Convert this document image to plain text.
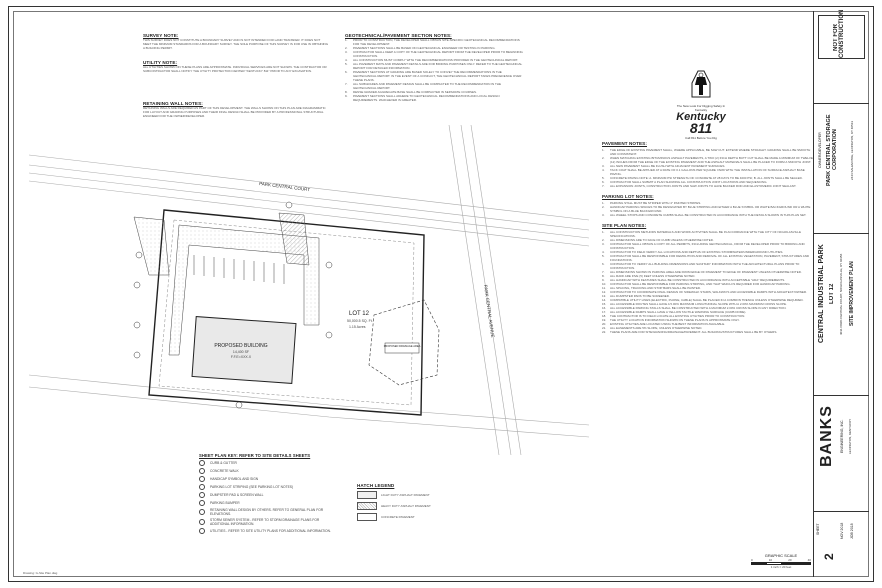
SURVEY NOTE:
THIS SURVEY DOES NOT CONSTITUTE A BOUNDARY SURVEY AND IS NOT INTENDED FOR LAND TRANSFER. IT DOES NOT MEET THE MINIMUM STANDARDS FOR A BOUNDARY SURVEY. THE SOLE PURPOSE OF THIS SURVEY IS FOR USE IN OBTAINING A BUILDING PERMIT.
UTILITY NOTE:
ALL UTILITIES SHOWN ON THESE PLANS ARE APPROXIMATE. INDIVIDUAL SERVICES ARE NOT SHOWN. THE CONTRACTOR OR SUBCONTRACTOR SHALL NOTIFY THE UTILITY PROTECTION CENTER "KENTUCKY 811" PRIOR TO ANY EXCAVATION.
RETAINING WALL NOTES:
RETAINING WALLS ARE REQUIRED AS PART OF THIS DEVELOPMENT. THE WALLS SHOWN ON THIS PLAN ARE DIAGRAMMATIC FOR LAYOUT AND GRADING PURPOSES AND THEIR FINAL DESIGN SHALL BE PROVIDED BY A PROFESSIONAL STRUCTURAL ENGINEER FOR THE OWNER/DEVELOPER.
GEOTECHNICAL/PAVEMENT SECTION NOTES:
1.	PRIOR TO CONSTRUCTION, THE DEVELOPER SHALL OBTAIN SITE-SPECIFIC GEOTECHNICAL RECOMMENDATIONS FOR THE DEVELOPMENT.
2.	PAVEMENT SECTIONS SHALL BE BASED ON GEOTECHNICAL ENGINEER OR TESTING IN PARKING.
3.	CONTRACTOR SHALL KEEP A COPY OF THE GEOTECHNICAL REPORT FROM THE DEVELOPER PRIOR TO BEGINNING CONSTRUCTION.
4.	ALL CONSTRUCTION MUST COMPLY WITH THE RECOMMENDATIONS PROVIDED IN THE GEOTECHNICAL REPORT.
5.	ALL PAVEMENT MATS AND PAVEMENT DETAILS ARE FOR BIDDING PURPOSES ONLY. REFER TO THE GEOTECHNICAL REPORT FOR DETAILED INFORMATION.
6.	PAVEMENT SECTIONS AT GRADING ARE BASED SOLELY TO CONVEY THE RECOMMENDATIONS IN THE GEOTECHNICAL REPORT. IN THE EVENT OF A CONFLICT, THE GEOTECHNICAL REPORT TAKES PRECEDENCE OVER THESE PLANS.
7.	ALL SUBGRADES AND PAVEMENT DESIGN SHALL BE COMPACTED TO THE RECOMMENDATION IN THE GEOTECHNICAL REPORT.
8.	DENSE GRADED AGGREGATE BASE SHALL BE COMPACTED IN SEPARATE COURSES.
9.	PAVEMENT SECTIONS SHALL ADHERE TO GEOTECHNICAL RECOMMENDATIONS AND LOCAL DESIGN REQUIREMENTS. WHICHEVER IS GREATER.
The New Look For Digging Safety In Kentucky
Kentucky 811
Call 811 Before You Dig
PAVEMENT NOTES:
1.	THE EDGE OF EXISTING PAVEMENT SHALL, WHERE APPLICABLE, BE SAW CUT. EXTEND WHERE STRAIGHT. GRADING SHALL BE SMOOTH AND CONSISTENT.
2.	WHEN MATCHING EXISTING BITUMINOUS ASPHALT PAVEMENTS, A TWO (2) INCH DEPTH BUTT CUT SHALL BE MADE A MINIMUM OF TWELVE (12) INCHES FROM THE EDGE OF THE EXISTING PAVEMENT AND THE ASPHALT MATERIALS SHALL BE PLACED TO FORM A SMOOTH JOINT.
3.	ALL NEW PAVEMENT SHALL BE FLUSH WITH ADJACENT PAVEMENT SURFACES.
4.	TACK COAT SHALL BE APPLIED AT A RATE OF 0.1 GALLONS PER SQUARE YARD WITH THE INSTALLATION OF SURFACE ASPHALT BASE PAVING.
5.	CONCRETE PAVING NOTE: A. MINIMUM PSI STRENGTH OF CONCRETE AT 28 DAYS TO BE 4000 PSI; B. ALL JOINTS SHALL BE SEALED.
6.	CONTRACTOR SHALL SUBMIT A PLAN SHOWING ALL CONSTRUCTION JOINT LOCATIONS AND SEQUENCING.
7.	ALL EXPANSION JOINTS, CONSTRUCTION JOINTS AND SAW JOINTS TO HAVE BACKER ROD AND ELASTOMERIC JOINT SEALANT.
PARKING LOT NOTES:
1.	PARKING STALL MUST BE STRIPED WITH 4" PAINTED STRIPES.
2.	HANDICAP PARKING SPACES TO BE DESIGNATED BY BLUE STRIPING AND EITHER A BLUE SYMBOL OR WHITE BACKGROUND OR A WHITE SYMBOL ON A BLUE BACKGROUND.
3.	ALL WHEEL STOPS AND CONCRETE CURBS SHALL BE CONSTRUCTED IN ACCORDANCE WITH THE DETAILS SHOWN IN THIS PLAN SET.
SITE PLAN NOTES:
1.	ALL CONSTRUCTION METHODS MATERIALS AND WORK ACTIVITIES SHALL BE IN ACCORDANCE WITH THE CITY OF NICHOLASVILLE SPECIFICATIONS.
2.	ALL DIMENSIONS ARE TO FACE OF CURB UNLESS OTHERWISE NOTED.
3.	CONTRACTOR SHALL OBTAIN A COPY OF ALL PERMITS, INCLUDING GEOTECHNICAL, FROM THE DEVELOPER PRIOR TO BIDDING AND CONSTRUCTION.
4.	CONTRACTOR TO FIELD VERIFY ALL LOCATIONS AND DEPTHS OF EXISTING STORMWATER/UNDERGROUND UTILITIES.
5.	CONTRACTOR SHALL BE RESPONSIBLE FOR DEMOLITION AND REMOVAL OF ALL EXISTING VEGETATION, PAVEMENT, STRUCTURES AND FOUNDATIONS.
6.	CONTRACTOR TO VERIFY ALL BUILDING DIMENSIONS AND SANITARY INFORMATION WITH THE ARCHITECTURAL PLANS PRIOR TO CONSTRUCTION.
7.	ALL DIMENSIONS SHOWN IN PARKING AREA ARE FROM EDGE OF PAVEMENT TO EDGE OF PAVEMENT UNLESS OTHERWISE NOTED.
8.	ALL RADII ARE FIVE (5) FEET UNLESS OTHERWISE NOTED.
9.	ALL HANDICAP WITH FEATURES SHALL BE CONSTRUCTED IN ACCORDANCE WITH ACCEPTABLE "ADA" REQUIREMENTS.
10.	CONTRACTOR SHALL BE RESPONSIBLE FOR PARKING STRIPING, AND THAT WHICH IS REQUIRED FOR HANDICAP PARKING.
11.	ALL SPACING, TRACKING AND STOP BARS SHALL BE PAINTED.
12.	CONTRACTOR TO COORDINATE FINAL DESIGN OF SIDEWALK STAIRS, WALKWAYS AND ACCESSIBLE RAMPS WITH ARCHITECT/OWNER.
13.	ALL DUMPSTER PADS TO BE SCREENED.
14.	COMPATIBLE UTILITY LINES (ELECTRIC, PHONE, CABLE) SHALL BE PLACED IN A COMMON TRENCH UNLESS OTHERWISE REQUIRED.
15.	ALL ACCESSIBLE ROUTES SHALL HAVE A 5.00% MAXIMUM LONGITUDINAL SLOPE WITH A 2.00% MAXIMUM CROSS SLOPE.
16.	ALL ACCESSIBLE PARKING STALLS SHALL BE CONSTRUCTED WITH A MAXIMUM 2.00% CROSS SLOPE IN ANY DIRECTION.
17.	ALL ACCESSIBLE RAMPS SHALL HAVE A YELLOW TACTILE WARNING SURFACE (CURB DOME).
18.	THE CONTRACTOR IS TO FIELD LOCATE ALL EXISTING UTILITIES PRIOR TO CONSTRUCTION.
19.	THE UTILITY LOCATION INFORMATION SHOWN ON THESE PLANS IS APPROXIMATE ONLY.
20.	EXISTING UTILITIES ARE LOCATED USING THE BEST INFORMATION AVAILABLE.
21.	ALL EASEMENTS ARE 5% SLOPE, UNLESS OTHERWISE NOTED.
22.	THESE PLANS ARE FOR SITE/GRADING/DRAINAGE/PAVEMENT. ALL BUILDING/STRUCTURES SHALL BE BY OTHERS.
PARK CENTRAL COURT
PARK CENTRAL AVENUE
PROPOSED BUILDING
14,400 SF
F.F.E=XXX.X
LOT 12
50,000.5 SQ. Ft.
1.15 Acres
PROPOSED DRAINAGE AREA
SHEET PLAN KEY: REFER TO SITE DETAILS SHEETS
CURB & GUTTER
CONCRETE WALK
HANDICAP SYMBOL AND SIGN
PARKING LOT STRIPING (SEE PARKING LOT NOTES)
DUMPSTER PAD & SCREEN WALL
PARKING BUMPER
RETAINING WALL DESIGN BY OTHERS. REFER TO GENERAL PLAN FOR ELEVATIONS.
STORM SEWER SYSTEM - REFER TO STORM DRAINAGE PLANS FOR ADDITIONAL INFORMATION.
UTILITIES - REFER TO SITE UTILITY PLANS FOR ADDITIONAL INFORMATION.
HATCH LEGEND
LIGHT DUTY ASPHALT PAVEMENT
HEAVY DUTY ASPHALT PAVEMENT
CONCRETE PAVEMENT
GRAPHIC SCALE
0	10	20	40
1 inch = 20 feet
Drawing: G-Site Plan.dwg
NOT FOR CONSTRUCTION
OWNER/DEVELOPER PARK CENTRAL STORAGE CORPORATION	2444 SALEM PIKE, LEXINGTON, KY 40513
CENTRAL INDUSTRIAL PARK LOT 12 4031 PARK CENTRAL COURT, NICHOLASVILLE, KY 40356 SITE IMPROVEMENT PLAN
BANKS ENGINEERING, INC. LEXINGTON, KENTUCKY
SHEET
2
NOV 2018 JOB 2018
